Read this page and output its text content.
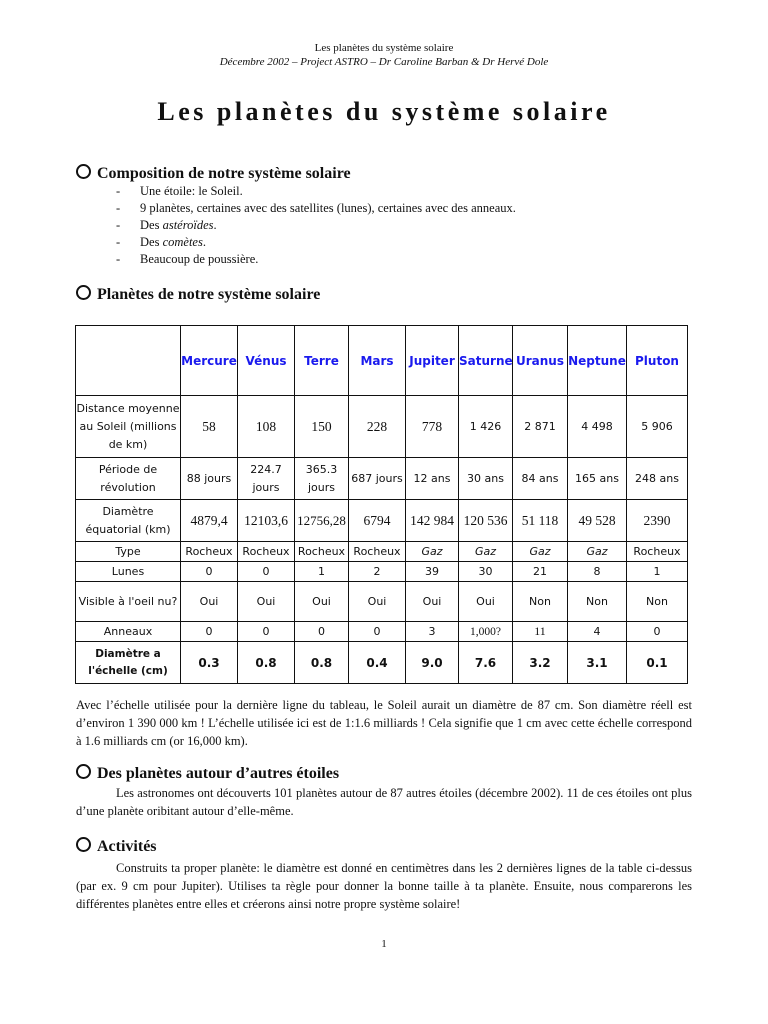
Les planètes du système solaire
Décembre 2002 – Project ASTRO – Dr Caroline Barban & Dr Hervé Dole
Les planètes du système solaire
Composition de notre système solaire
- Une étoile: le Soleil.
- 9 planètes, certaines avec des satellites (lunes), certaines avec des anneaux.
- Des astéroïdes.
- Des comètes.
- Beaucoup de poussière.
Planètes de notre système solaire
	Mercure	Vénus	Terre	Mars	Jupiter	Saturne	Uranus	Neptune	Pluton
Distance moyenne au Soleil (millions de km)	58	108	150	228	778	1 426	2 871	4 498	5 906
Période de révolution	88 jours	224.7 jours	365.3 jours	687 jours	12 ans	30 ans	84 ans	165 ans	248 ans
Diamètre équatorial (km)	4879,4	12103,6	12756,28	6794	142 984	120 536	51 118	49 528	2390
Type	Rocheux	Rocheux	Rocheux	Rocheux	Gaz	Gaz	Gaz	Gaz	Rocheux
Lunes	0	0	1	2	39	30	21	8	1
Visible à l'oeil nu?	Oui	Oui	Oui	Oui	Oui	Oui	Non	Non	Non
Anneaux	0	0	0	0	3	1,000?	11	4	0
Diamètre a l'échelle (cm)	0.3	0.8	0.8	0.4	9.0	7.6	3.2	3.1	0.1
Avec l’échelle utilisée pour la dernière ligne du tableau, le Soleil aurait un diamètre de 87 cm. Son diamètre réell est d’environ 1 390 000 km ! L’échelle utilisée ici est de 1:1.6 milliards ! Cela signifie que 1 cm avec cette échelle correspond à 1.6 milliards cm (or 16,000 km).
Des planètes autour d’autres étoiles
Les astronomes ont découverts 101 planètes autour de 87 autres étoiles (décembre 2002). 11 de ces étoiles ont plus d’une planète oribitant autour d’elle-même.
Activités
Construits ta proper planète: le diamètre est donné en centimètres dans les 2 dernières lignes de la table ci-dessus (par ex. 9 cm pour Jupiter). Utilises ta règle pour donner la bonne taille à ta planète. Ensuite, nous comparerons les différentes planètes entre elles et créerons ainsi notre propre système solaire!
1
